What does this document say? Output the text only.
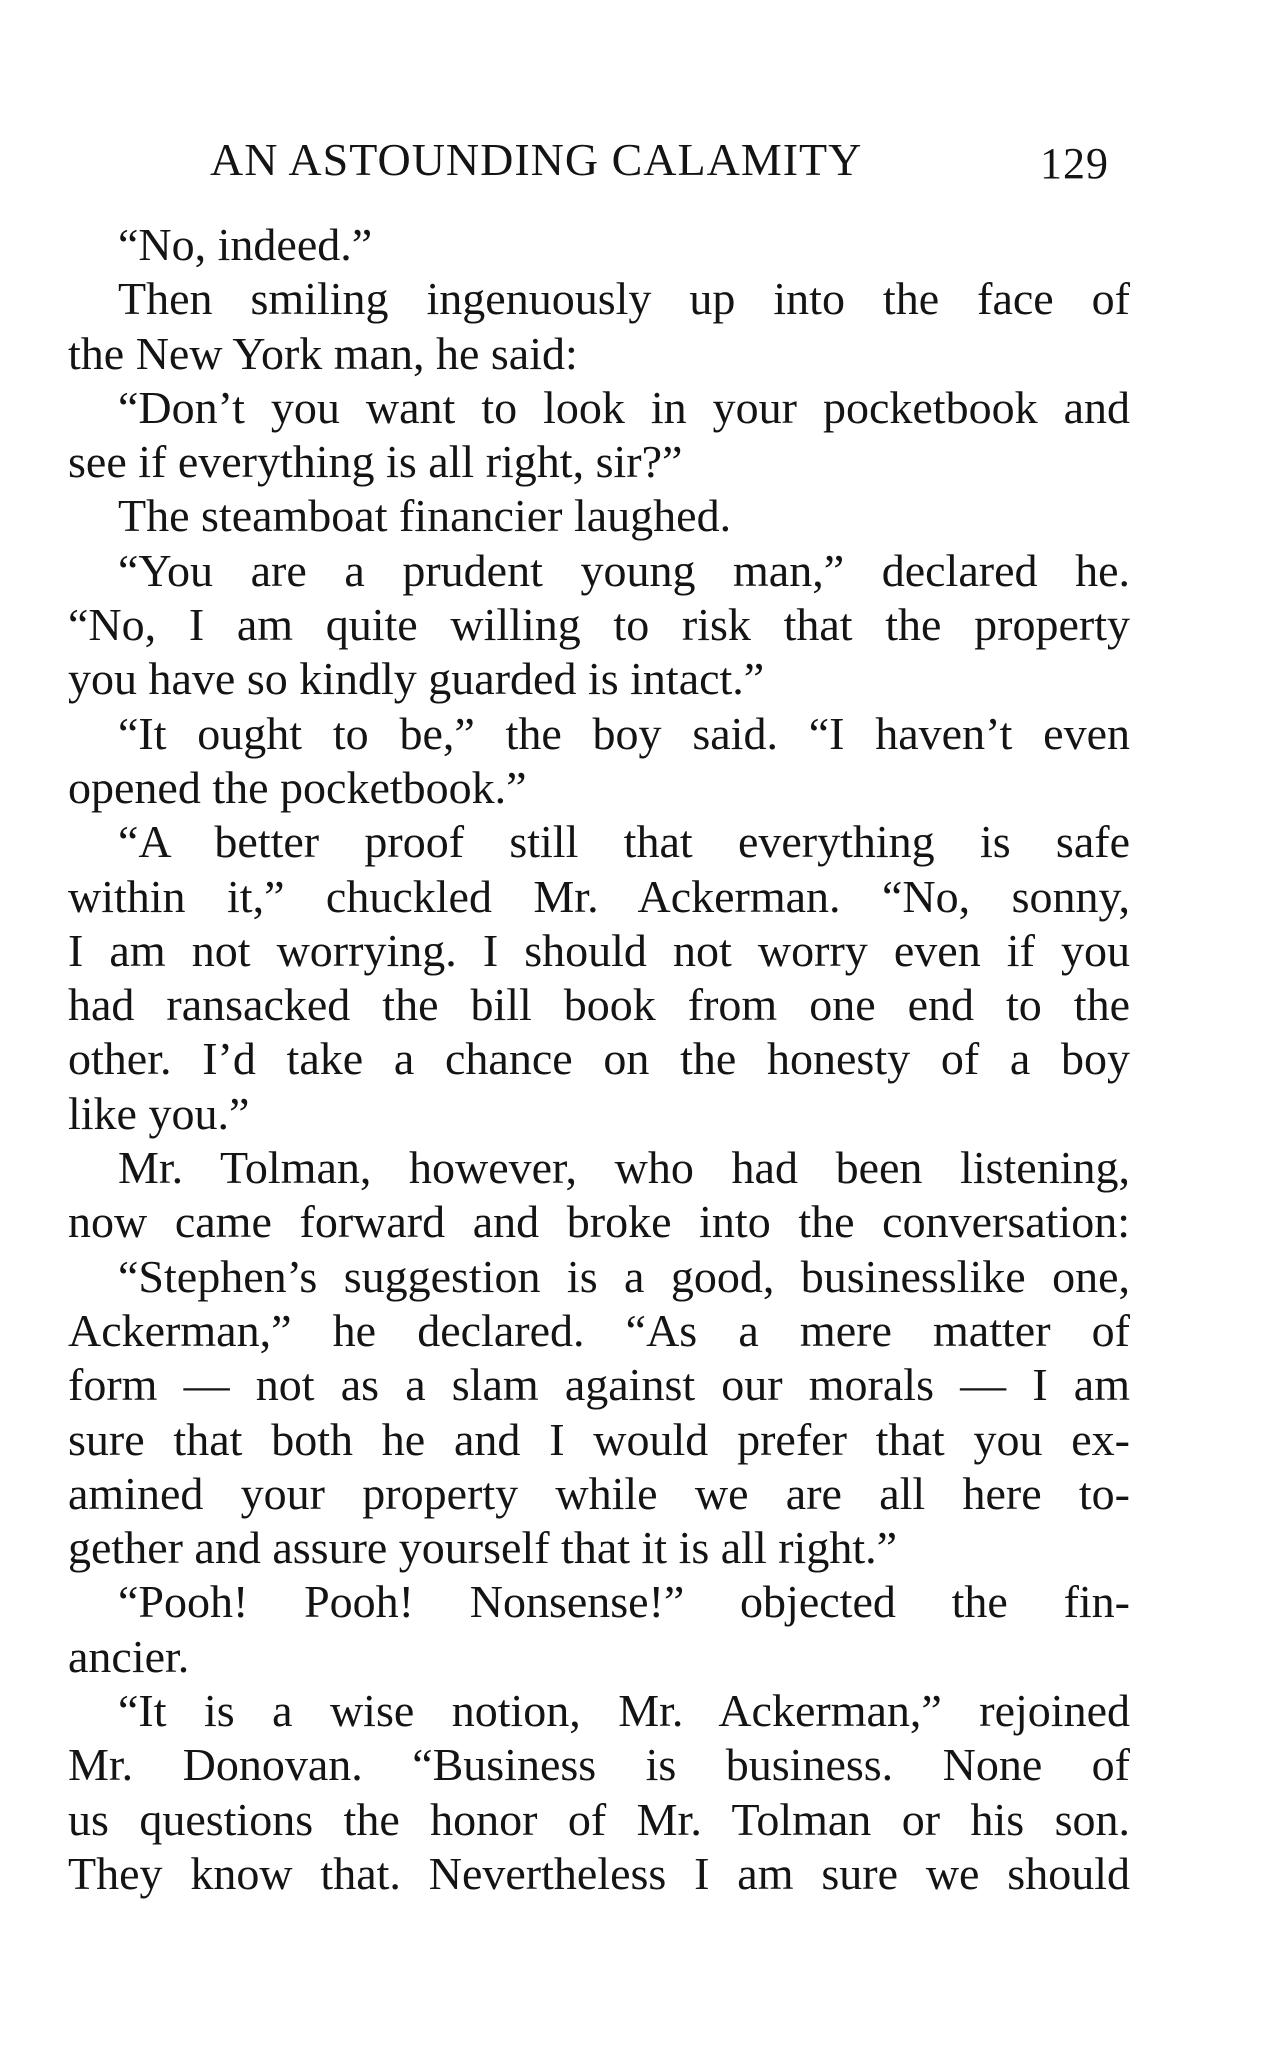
AN ASTOUNDING CALAMITY	129
“No, indeed.”
Then smiling ingenuously up into the face of
the New York man, he said:
“Don’t you want to look in your pocketbook and
see if everything is all right, sir?”
The steamboat financier laughed.
“You are a prudent young man,” declared he.
“No, I am quite willing to risk that the property
you have so kindly guarded is intact.”
“It ought to be,” the boy said. “I haven’t even
opened the pocketbook.”
“A better proof still that everything is safe
within it,” chuckled Mr. Ackerman. “No, sonny,
I am not worrying. I should not worry even if you
had ransacked the bill book from one end to the
other. I’d take a chance on the honesty of a boy
like you.”
Mr. Tolman, however, who had been listening,
now came forward and broke into the conversation:
“Stephen’s suggestion is a good, businesslike one,
Ackerman,” he declared. “As a mere matter of
form — not as a slam against our morals — I am
sure that both he and I would prefer that you ex-
amined your property while we are all here to-
gether and assure yourself that it is all right.”
“Pooh! Pooh! Nonsense!” objected the fin-
ancier.
“It is a wise notion, Mr. Ackerman,” rejoined
Mr. Donovan. “Business is business. None of
us questions the honor of Mr. Tolman or his son.
They know that. Nevertheless I am sure we should
